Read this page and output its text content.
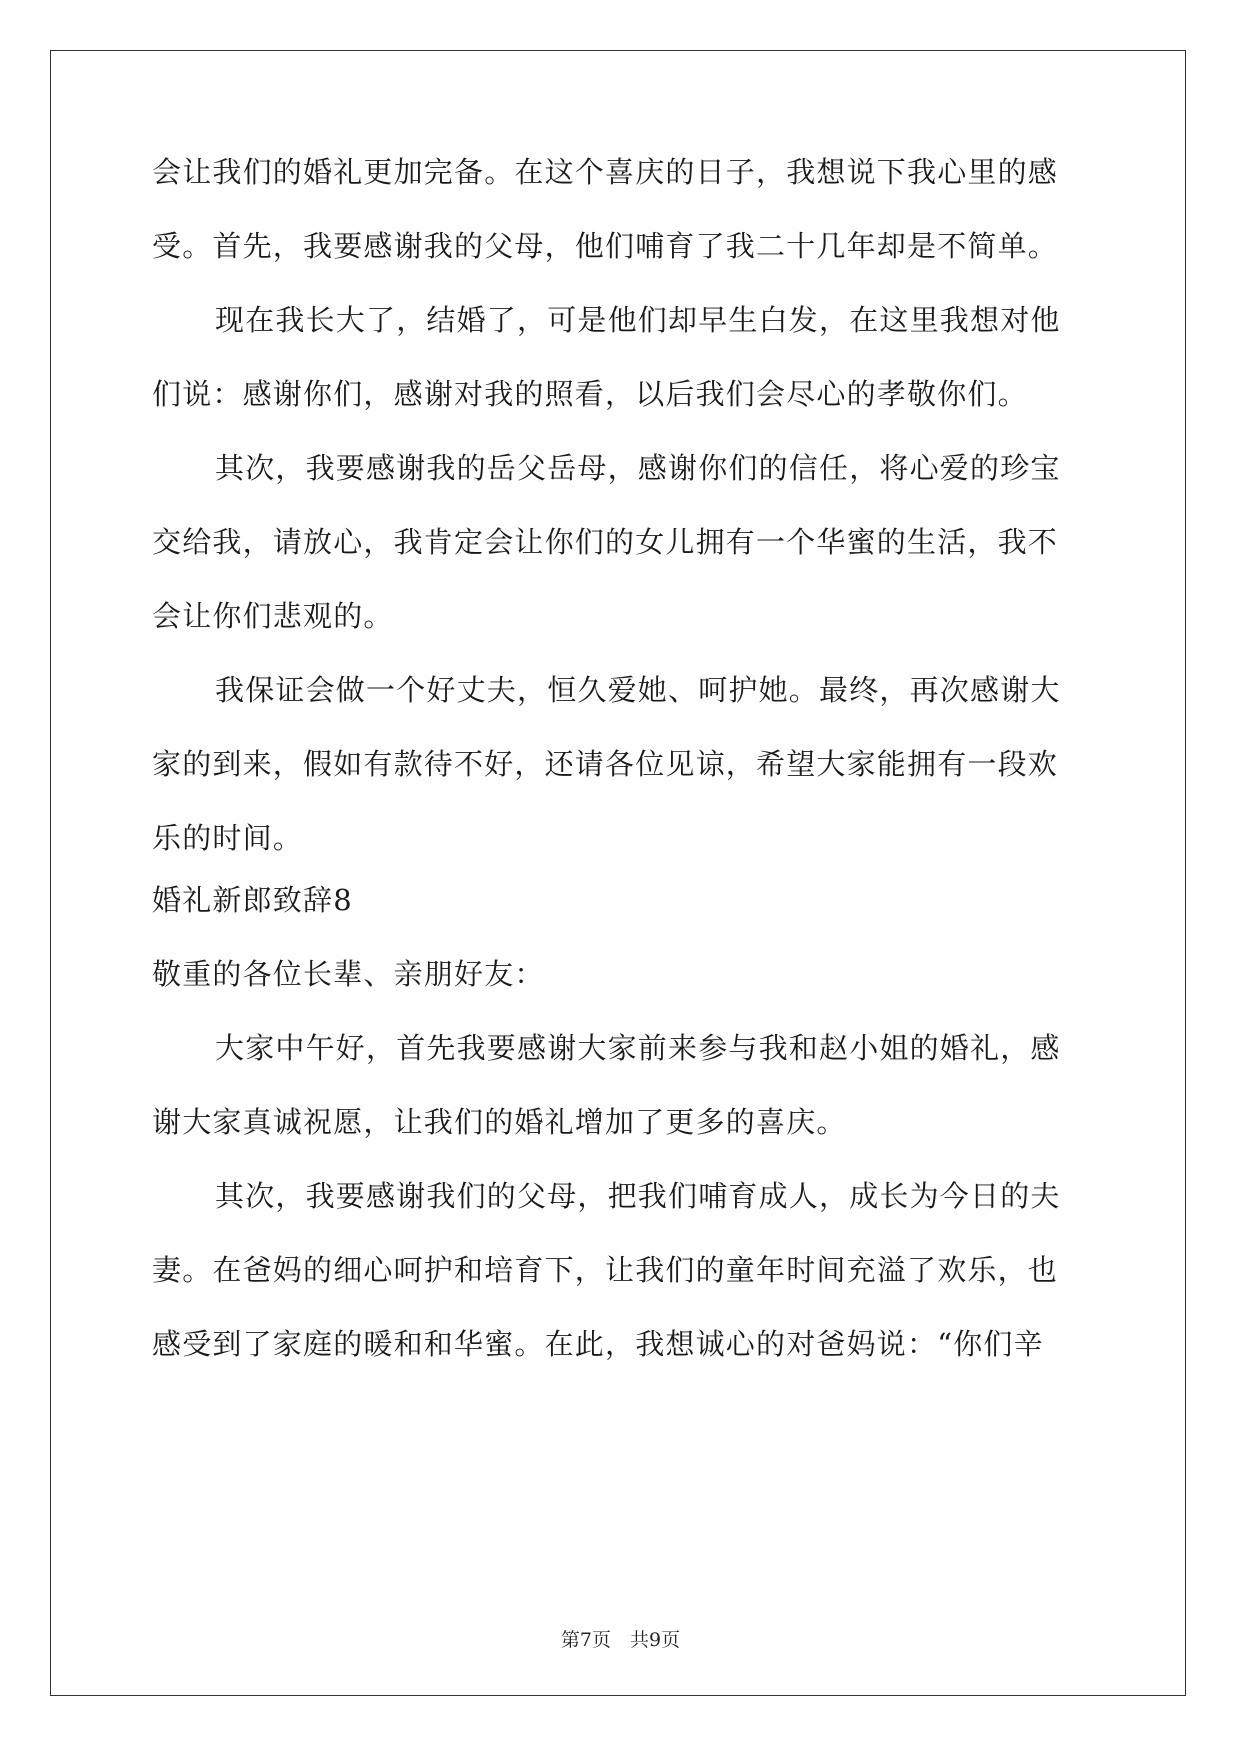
会让我们的婚礼更加完备。在这个喜庆的日子，我想说下我心里的感
受。首先，我要感谢我的父母，他们哺育了我二十几年却是不简单。
现在我长大了，结婚了，可是他们却早生白发，在这里我想对他
们说：感谢你们，感谢对我的照看，以后我们会尽心的孝敬你们。
其次，我要感谢我的岳父岳母，感谢你们的信任，将心爱的珍宝
交给我，请放心，我肯定会让你们的女儿拥有一个华蜜的生活，我不
会让你们悲观的。
我保证会做一个好丈夫，恒久爱她、呵护她。最终，再次感谢大
家的到来，假如有款待不好，还请各位见谅，希望大家能拥有一段欢
乐的时间。
婚礼新郎致辞8
敬重的各位长辈、亲朋好友：
大家中午好，首先我要感谢大家前来参与我和赵小姐的婚礼，感
谢大家真诚祝愿，让我们的婚礼增加了更多的喜庆。
其次，我要感谢我们的父母，把我们哺育成人，成长为今日的夫
妻。在爸妈的细心呵护和培育下，让我们的童年时间充溢了欢乐，也
感受到了家庭的暖和和华蜜。在此，我想诚心的对爸妈说：“你们辛
第7页　共9页
